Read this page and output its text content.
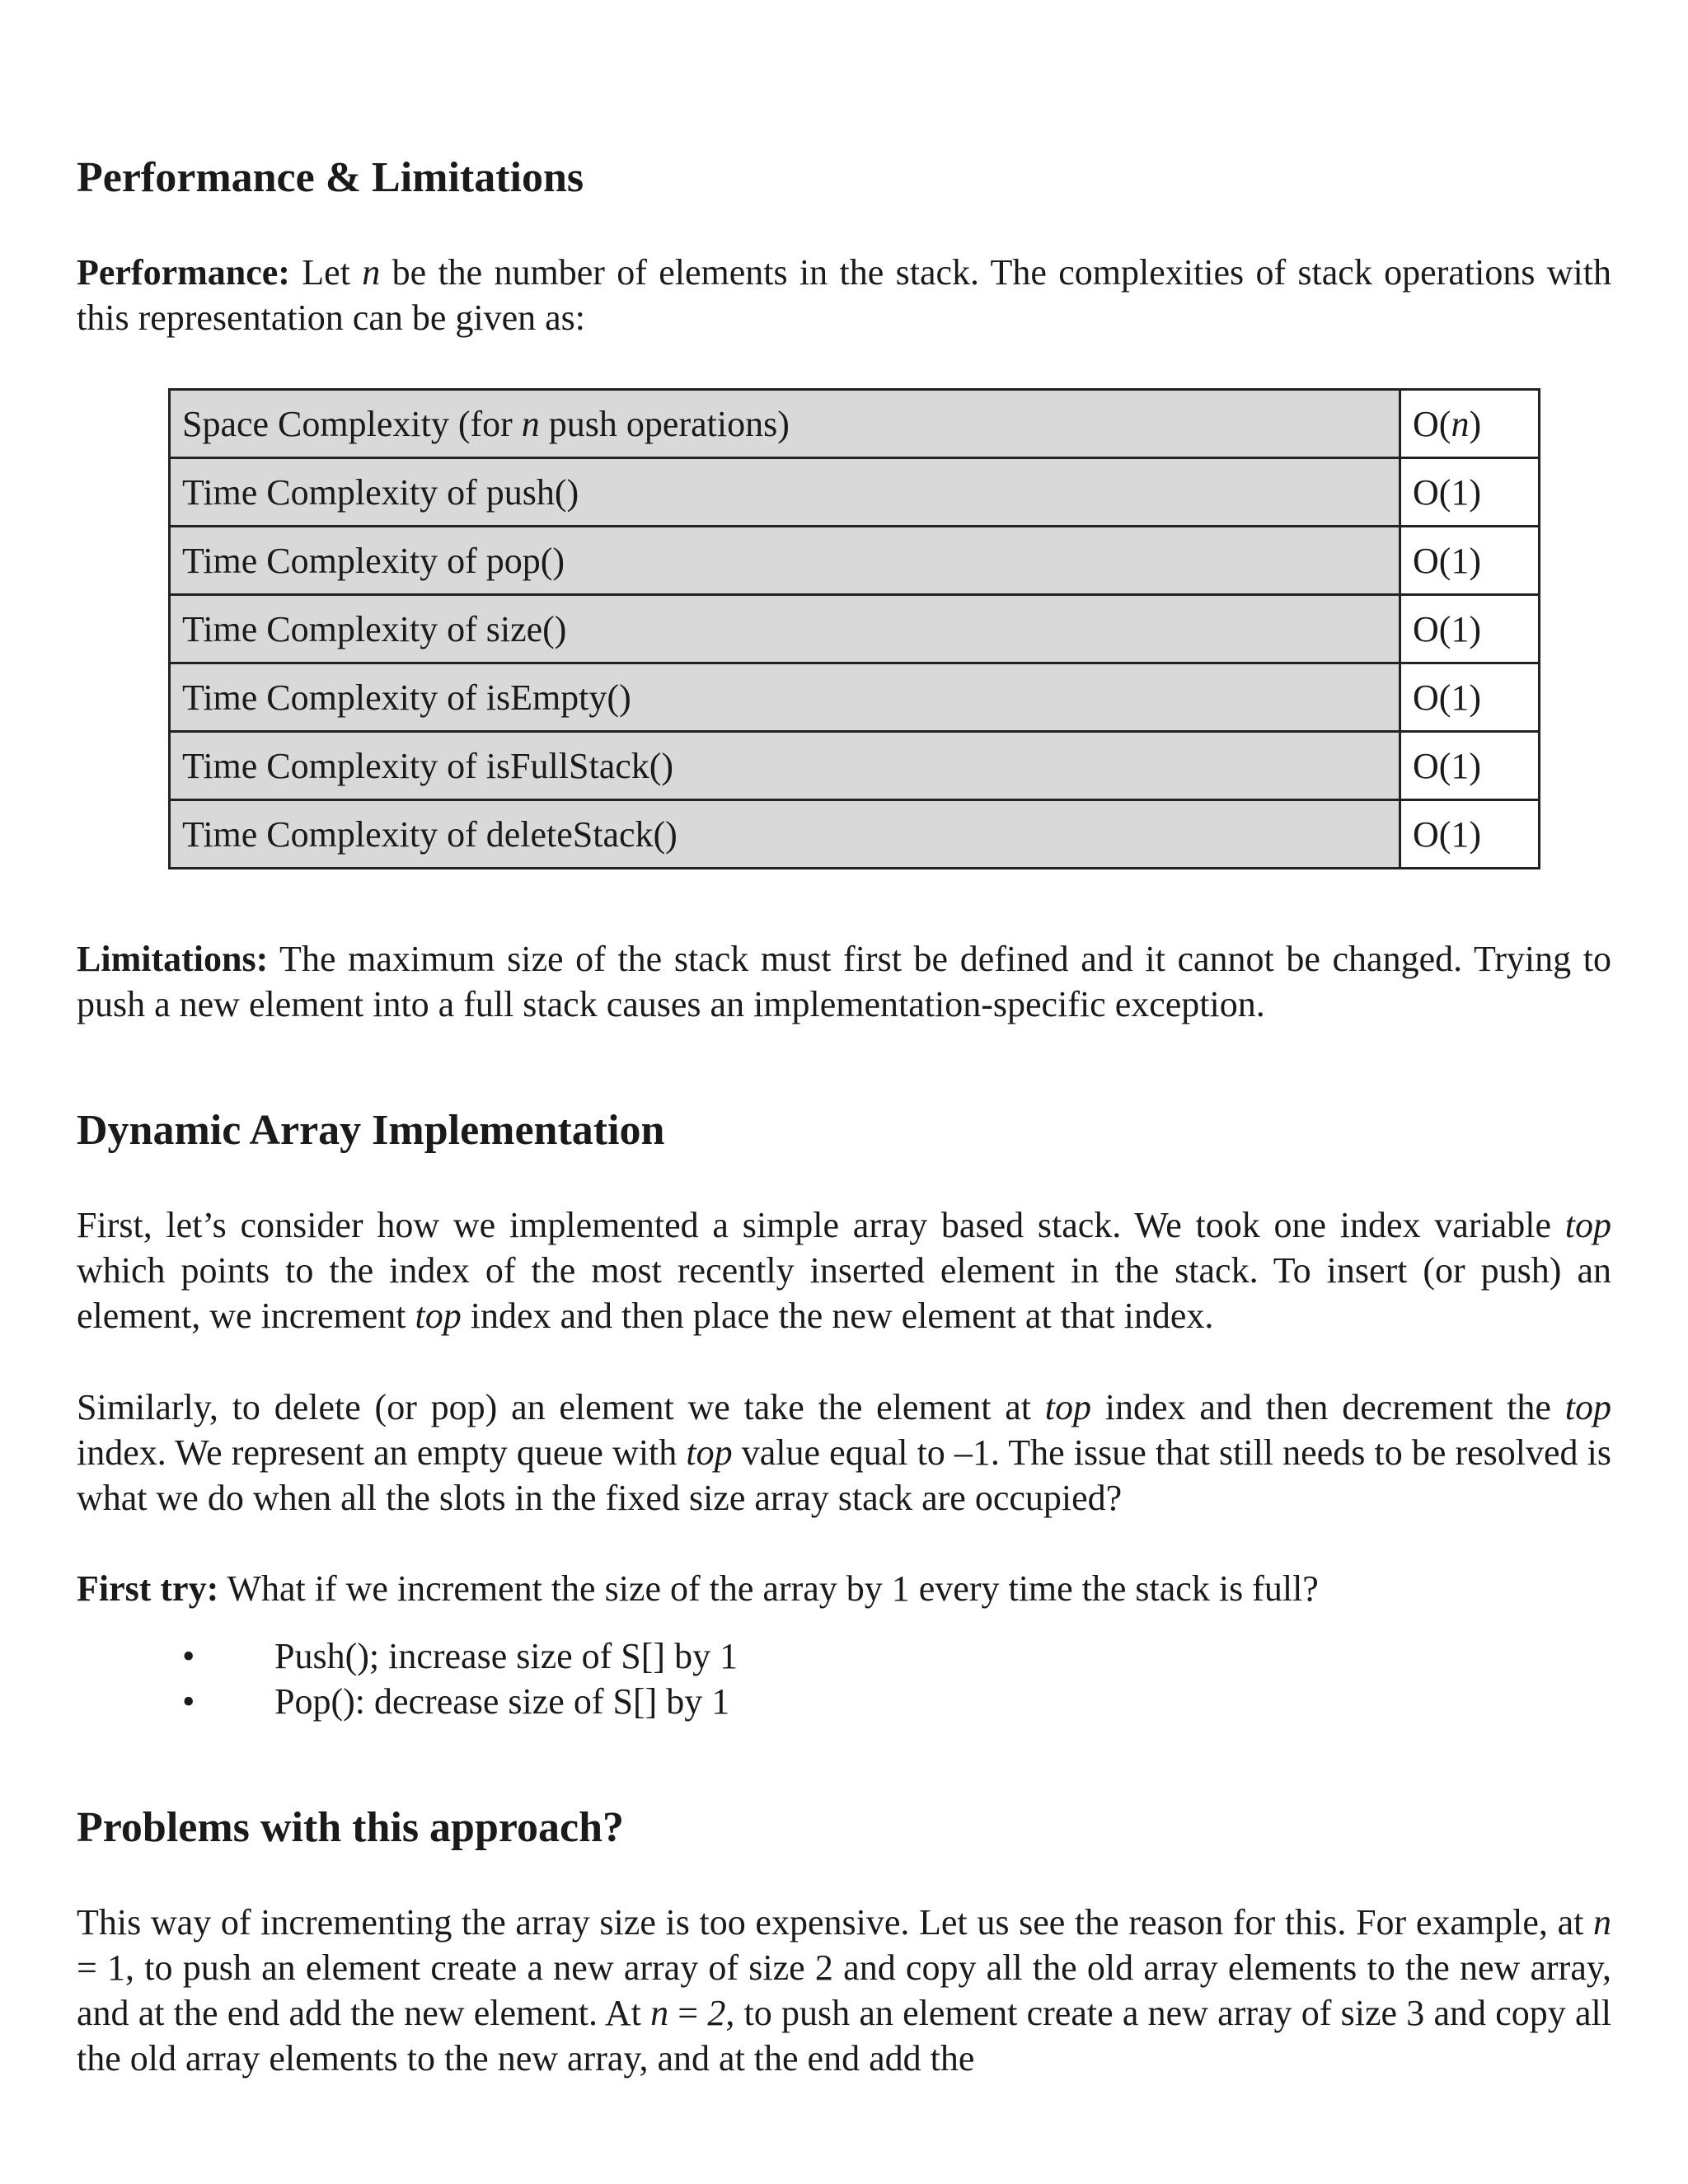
Performance & Limitations

Performance: Let n be the number of elements in the stack. The complexities of stack operations with this representation can be given as:

Space Complexity (for n push operations)	O(n)
Time Complexity of push()	O(1)
Time Complexity of pop()	O(1)
Time Complexity of size()	O(1)
Time Complexity of isEmpty()	O(1)
Time Complexity of isFullStack()	O(1)
Time Complexity of deleteStack()	O(1)

Limitations: The maximum size of the stack must first be defined and it cannot be changed. Trying to push a new element into a full stack causes an implementation-specific exception.

Dynamic Array Implementation

First, let’s consider how we implemented a simple array based stack. We took one index variable top which points to the index of the most recently inserted element in the stack. To insert (or push) an element, we increment top index and then place the new element at that index.

Similarly, to delete (or pop) an element we take the element at top index and then decrement the top index. We represent an empty queue with top value equal to –1. The issue that still needs to be resolved is what we do when all the slots in the fixed size array stack are occupied?

First try: What if we increment the size of the array by 1 every time the stack is full?

• Push(); increase size of S[] by 1
• Pop(): decrease size of S[] by 1
Problems with this approach?

This way of incrementing the array size is too expensive. Let us see the reason for this. For example, at n = 1, to push an element create a new array of size 2 and copy all the old array elements to the new array, and at the end add the new element. At n = 2, to push an element create a new array of size 3 and copy all the old array elements to the new array, and at the end add the
